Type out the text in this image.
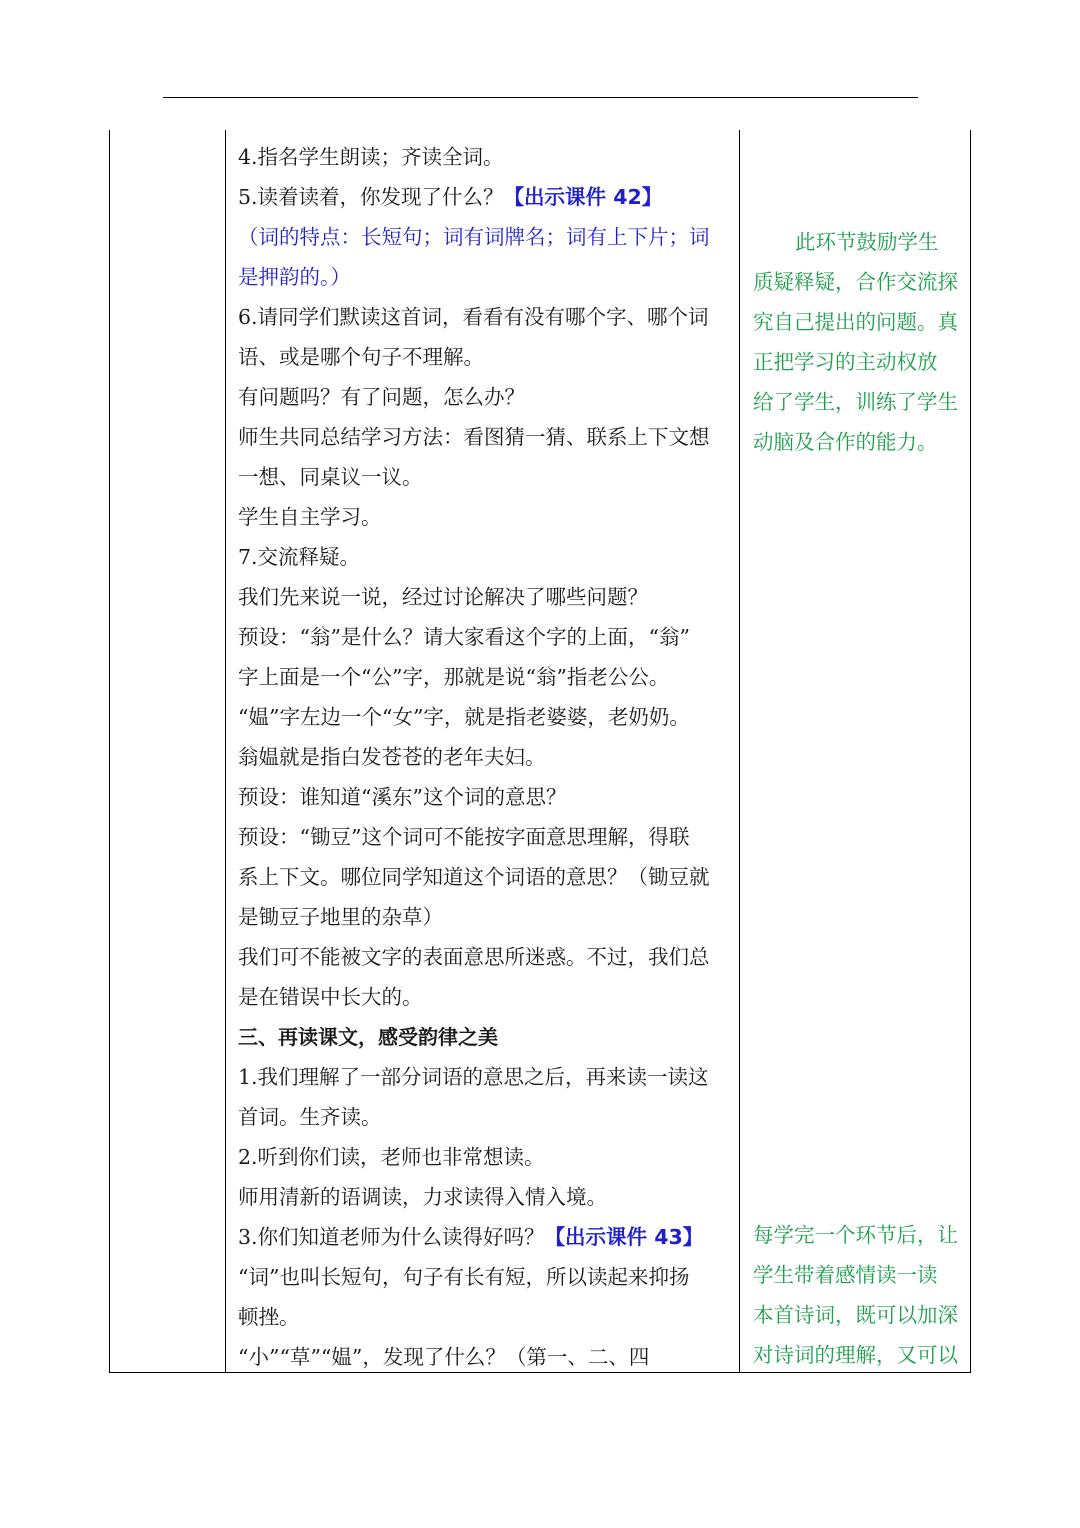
4.指名学生朗读；齐读全词。
5.读着读着，你发现了什么？【出示课件 42】
（词的特点：长短句；词有词牌名；词有上下片；词
是押韵的。）
6.请同学们默读这首词，看看有没有哪个字、哪个词
语、或是哪个句子不理解。
有问题吗？有了问题，怎么办？
师生共同总结学习方法：看图猜一猜、联系上下文想
一想、同桌议一议。
学生自主学习。
7.交流释疑。
我们先来说一说，经过讨论解决了哪些问题？
预设：“翁”是什么？请大家看这个字的上面，“翁”
字上面是一个“公”字，那就是说“翁”指老公公。
“媪”字左边一个“女”字，就是指老婆婆，老奶奶。
翁媪就是指白发苍苍的老年夫妇。
预设：谁知道“溪东”这个词的意思？
预设：“锄豆”这个词可不能按字面意思理解，得联
系上下文。哪位同学知道这个词语的意思？（锄豆就
是锄豆子地里的杂草）
我们可不能被文字的表面意思所迷惑。不过，我们总
是在错误中长大的。
三、再读课文，感受韵律之美
1.我们理解了一部分词语的意思之后，再来读一读这
首词。生齐读。
2.听到你们读，老师也非常想读。
师用清新的语调读，力求读得入情入境。
3.你们知道老师为什么读得好吗？【出示课件 43】
“词”也叫长短句，句子有长有短，所以读起来抑扬
顿挫。
“小”“草”“媪”，发现了什么？（第一、二、四
此环节鼓励学生
质疑释疑，合作交流探
究自己提出的问题。真
正把学习的主动权放
给了学生，训练了学生
动脑及合作的能力。
每学完一个环节后，让
学生带着感情读一读
本首诗词，既可以加深
对诗词的理解，又可以
